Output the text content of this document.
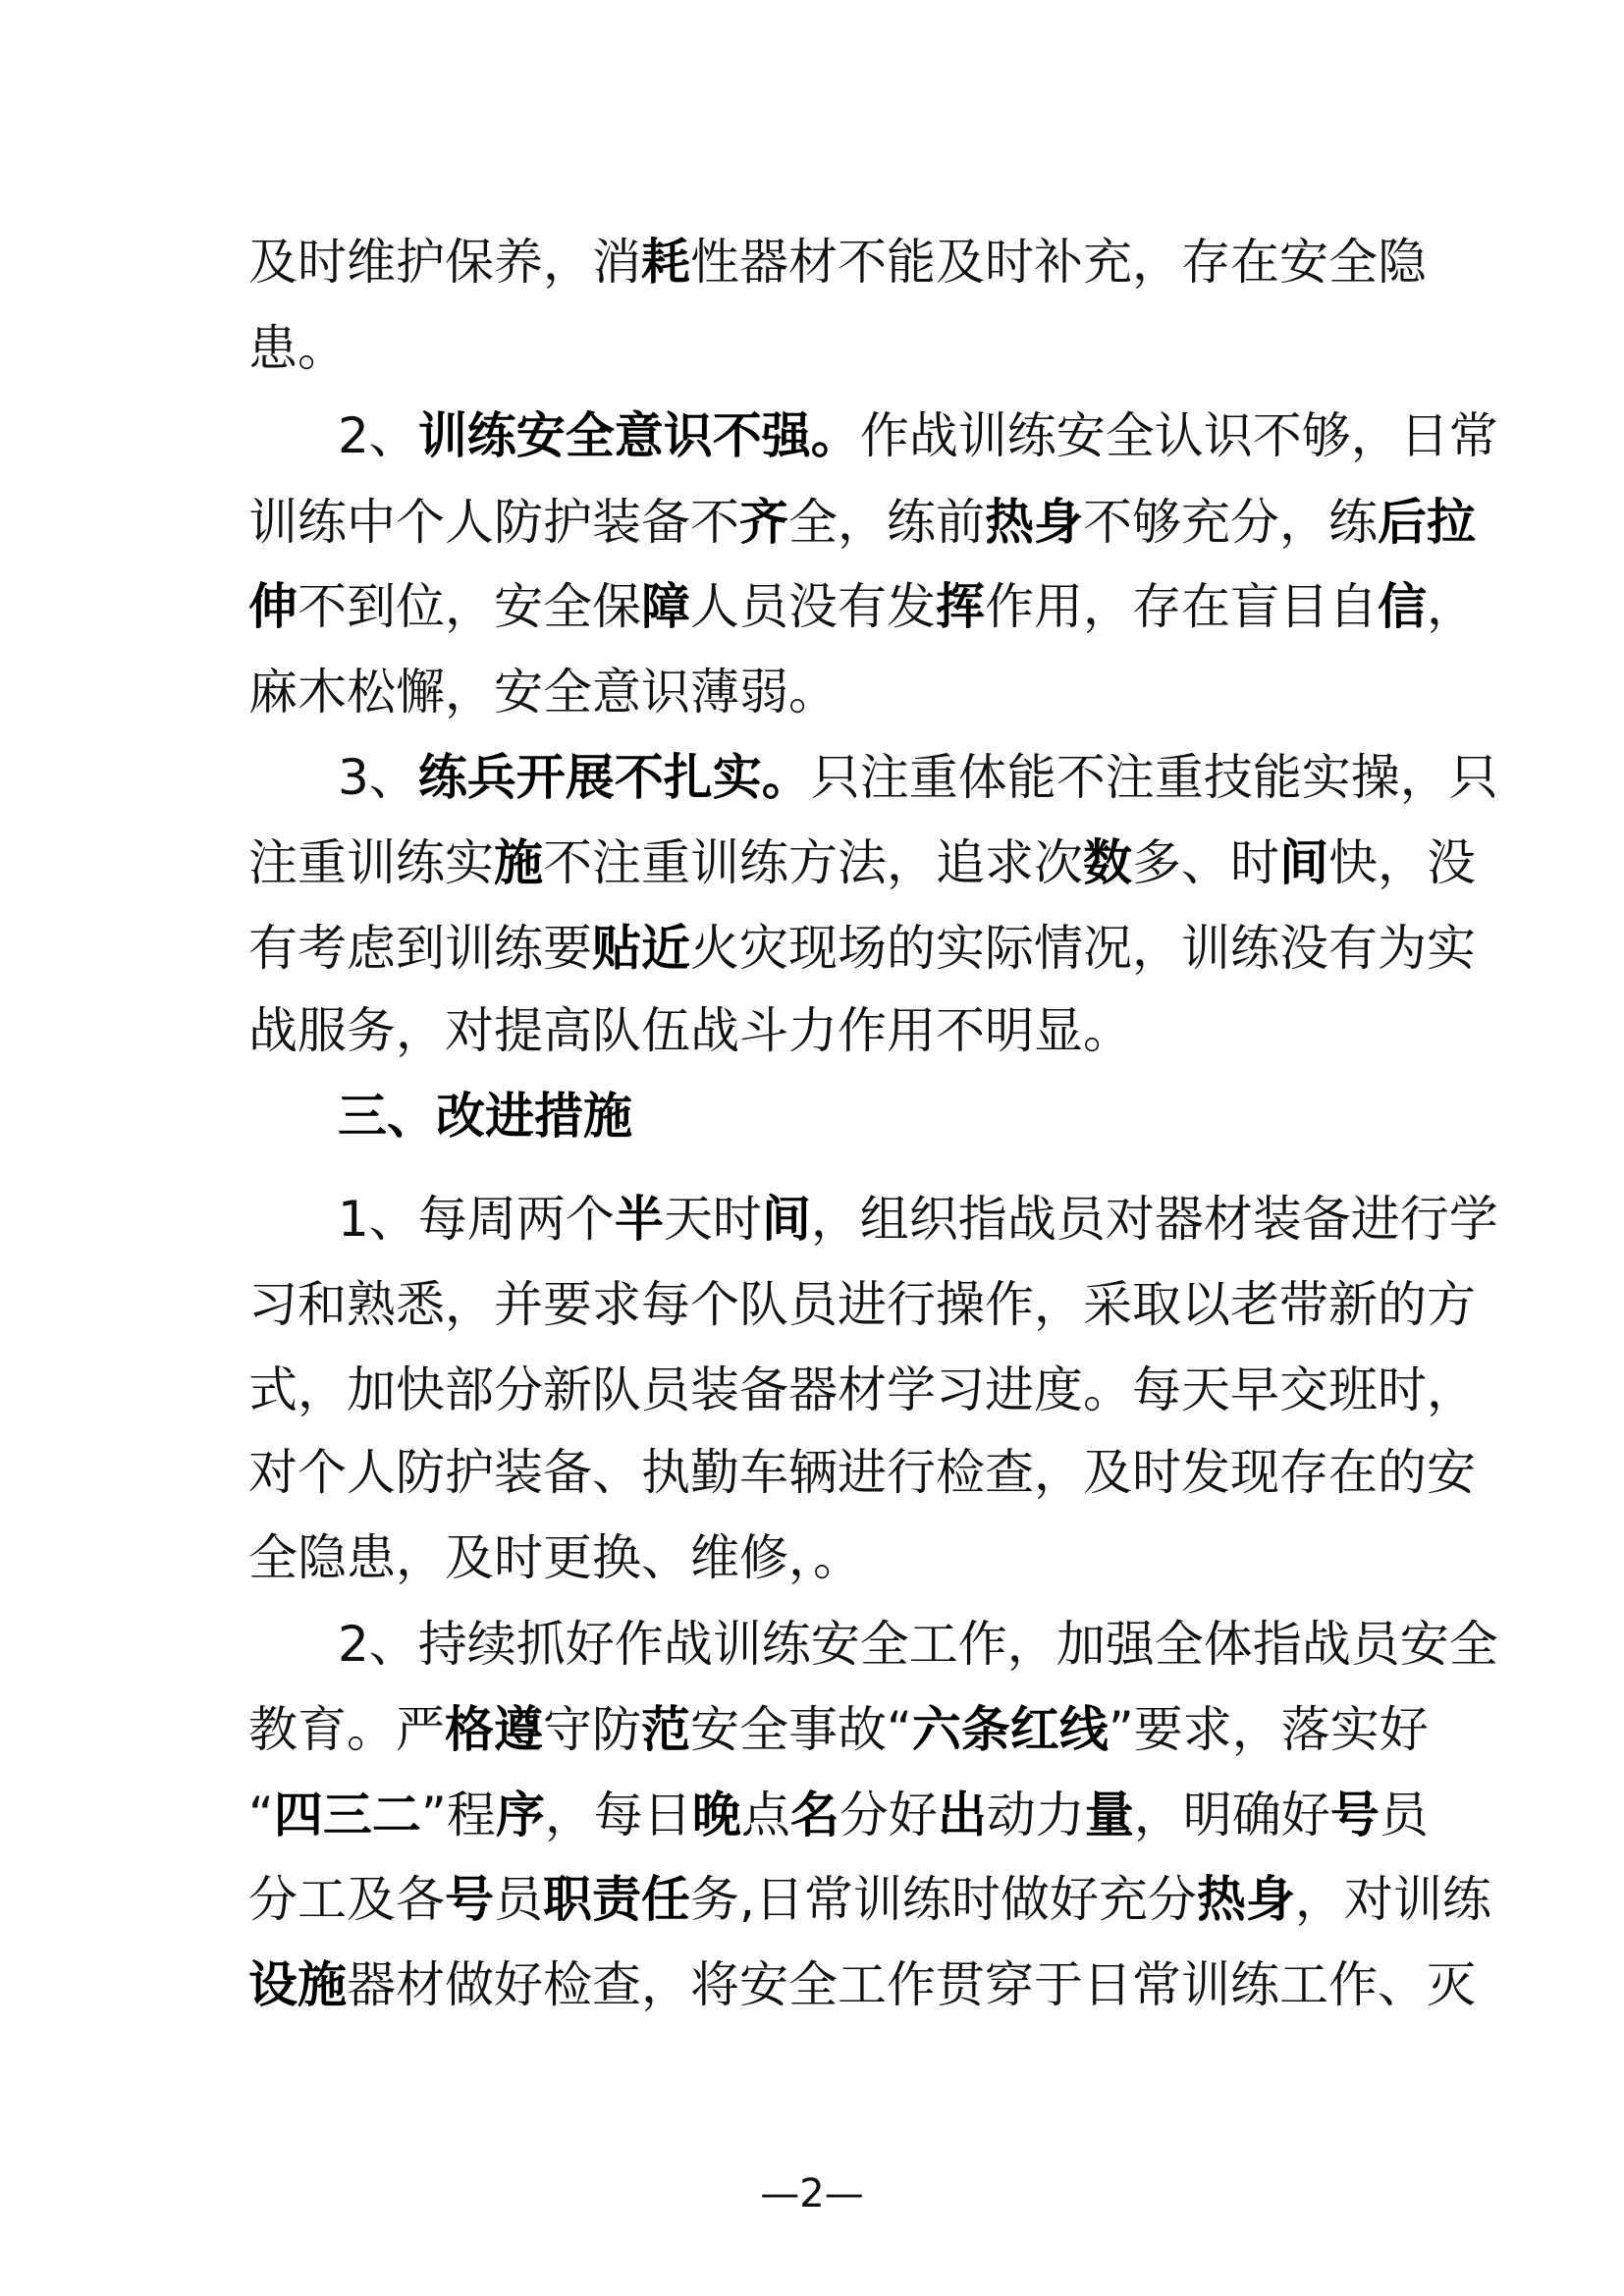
及时维护保养，消耗性器材不能及时补充，存在安全隐
患。
2、训练安全意识不强。作战训练安全认识不够，日常
训练中个人防护装备不齐全，练前热身不够充分，练后拉
伸不到位，安全保障人员没有发挥作用，存在盲目自信，
麻木松懈，安全意识薄弱。
3、练兵开展不扎实。只注重体能不注重技能实操，只
注重训练实施不注重训练方法，追求次数多、时间快，没
有考虑到训练要贴近火灾现场的实际情况，训练没有为实
战服务，对提高队伍战斗力作用不明显。
三、改进措施
1、每周两个半天时间，组织指战员对器材装备进行学
习和熟悉，并要求每个队员进行操作，采取以老带新的方
式，加快部分新队员装备器材学习进度。每天早交班时，
对个人防护装备、执勤车辆进行检查，及时发现存在的安
全隐患，及时更换、维修，。
2、持续抓好作战训练安全工作，加强全体指战员安全
教育。严格遵守防范安全事故“六条红线”要求，落实好
“四三二”程序，每日晚点名分好出动力量，明确好号员
分工及各号员职责任务,日常训练时做好充分热身，对训练
设施器材做好检查，将安全工作贯穿于日常训练工作、灭
—2—
